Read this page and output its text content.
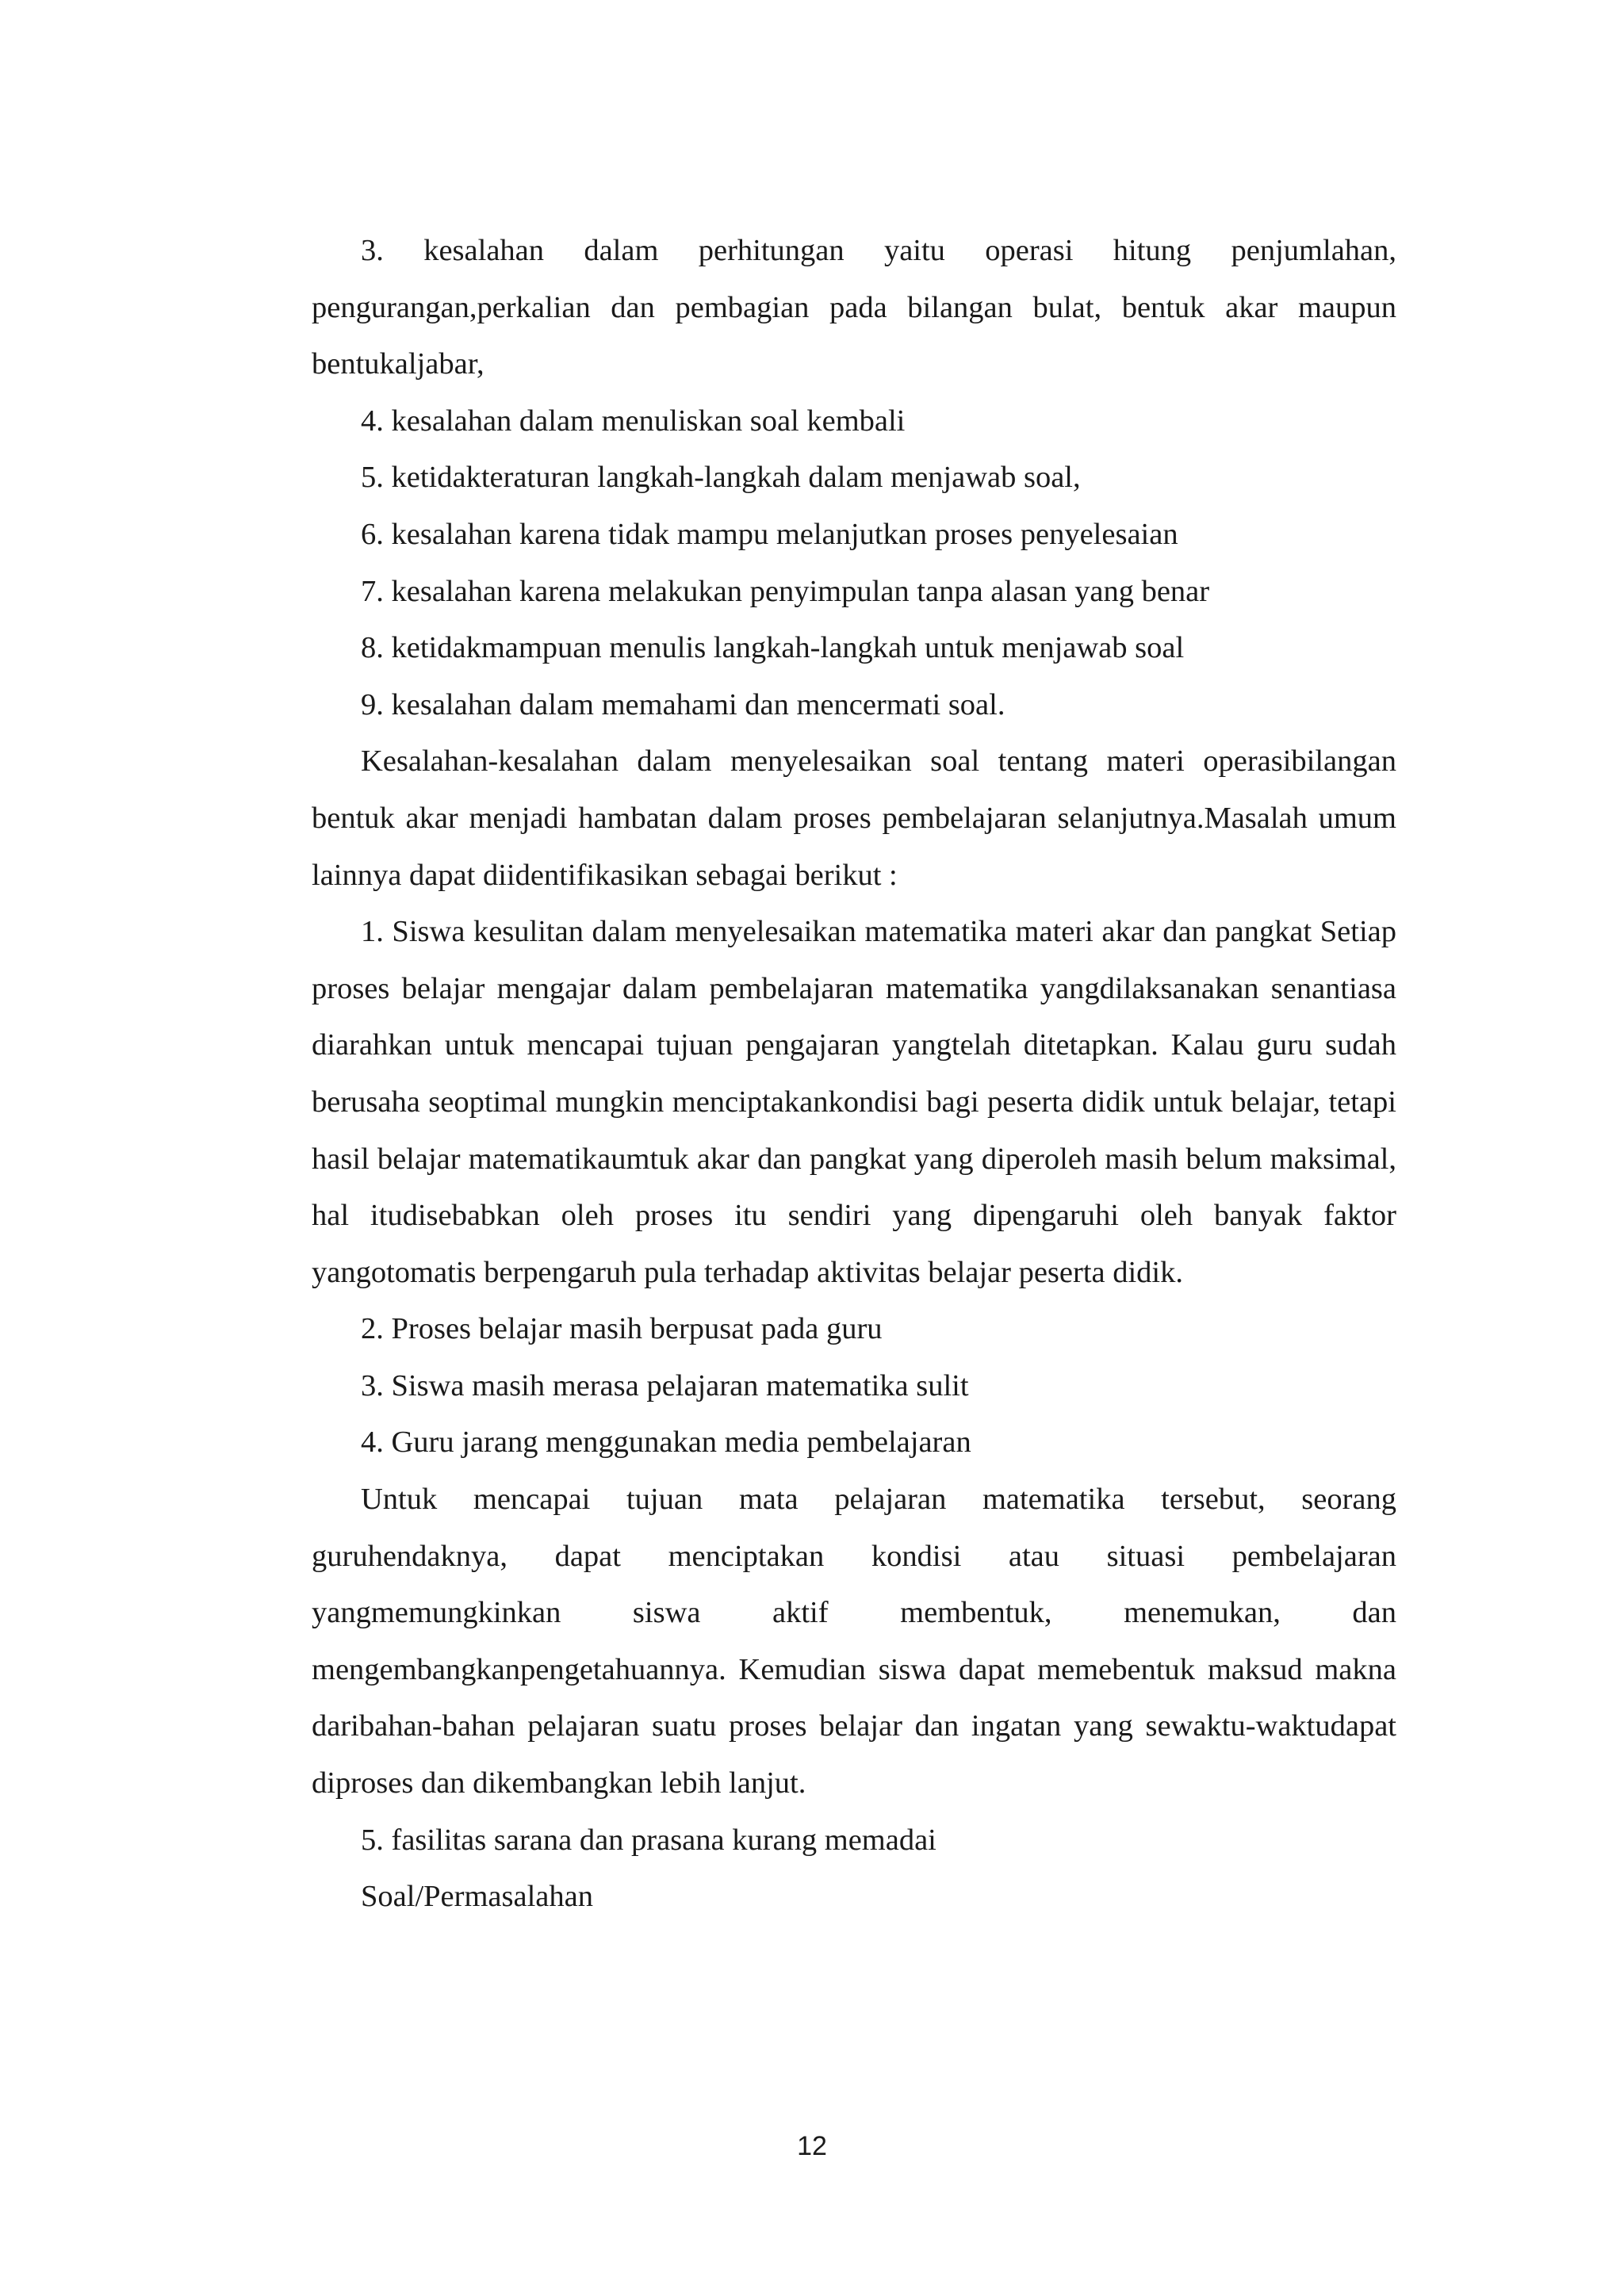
3. kesalahan dalam perhitungan yaitu operasi hitung penjumlahan, pengurangan,perkalian dan pembagian pada bilangan bulat, bentuk akar maupun bentukaljabar,

4. kesalahan dalam menuliskan soal kembali

5. ketidakteraturan langkah-langkah dalam menjawab soal,

6. kesalahan karena tidak mampu melanjutkan proses penyelesaian

7. kesalahan karena melakukan penyimpulan tanpa alasan yang benar

8. ketidakmampuan menulis langkah-langkah untuk menjawab soal

9. kesalahan dalam memahami dan mencermati soal.

Kesalahan-kesalahan dalam menyelesaikan soal tentang materi operasibilangan bentuk akar menjadi hambatan dalam proses pembelajaran selanjutnya.Masalah umum lainnya dapat diidentifikasikan sebagai berikut :

1. Siswa kesulitan dalam menyelesaikan matematika materi akar dan pangkat Setiap proses belajar mengajar dalam pembelajaran matematika yangdilaksanakan senantiasa diarahkan untuk mencapai tujuan pengajaran yangtelah ditetapkan. Kalau guru sudah berusaha seoptimal mungkin menciptakankondisi bagi peserta didik untuk belajar, tetapi hasil belajar matematikaumtuk akar dan pangkat yang diperoleh masih belum maksimal, hal itudisebabkan oleh proses itu sendiri yang dipengaruhi oleh banyak faktor yangotomatis berpengaruh pula terhadap aktivitas belajar peserta didik.

2. Proses belajar masih berpusat pada guru

3. Siswa masih merasa pelajaran matematika sulit

4. Guru jarang menggunakan media pembelajaran

Untuk mencapai tujuan mata pelajaran matematika tersebut, seorang guruhendaknya, dapat menciptakan kondisi atau situasi pembelajaran yangmemungkinkan siswa aktif membentuk, menemukan, dan mengembangkanpengetahuannya. Kemudian siswa dapat memebentuk maksud makna daribahan-bahan pelajaran suatu proses belajar dan ingatan yang sewaktu-waktudapat diproses dan dikembangkan lebih lanjut.

5. fasilitas sarana dan prasana kurang memadai

Soal/Permasalahan

12
